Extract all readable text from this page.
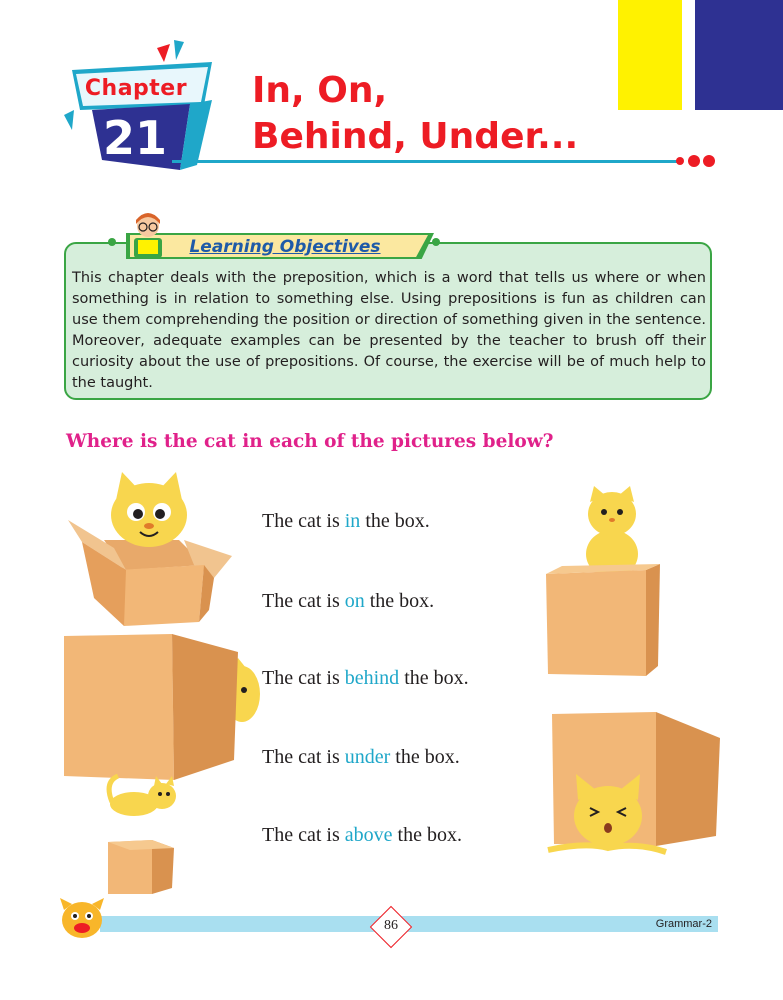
Chapter
21
In, On,
Behind, Under...
Learning Objectives
This chapter deals with the preposition, which is a word that tells us where or when something is in relation to something else. Using prepositions is fun as children can use them comprehending the position or direction of something given in the sentence. Moreover, adequate examples can be presented by the teacher to brush off their curiosity about the use of prepositions. Of course, the exercise will be of much help to the taught.
Where is the cat in each of the pictures below?
The cat is in the box.
The cat is on the box.
The cat is behind the box.
The cat is under the box.
The cat is above the box.
86	Grammar-2
